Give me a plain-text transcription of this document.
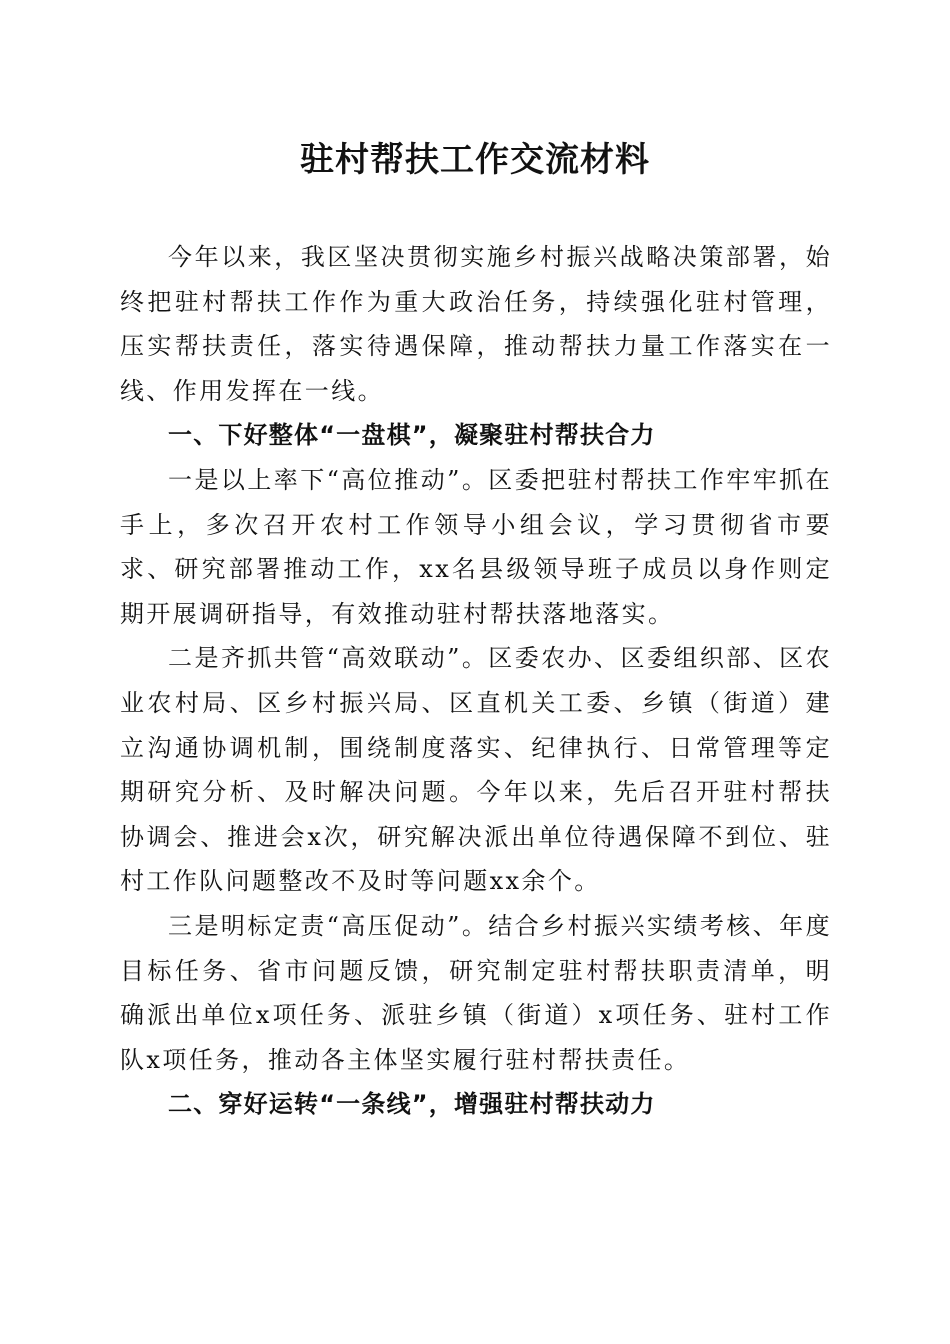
驻村帮扶工作交流材料

今年以来，我区坚决贯彻实施乡村振兴战略决策部署，始终把驻村帮扶工作作为重大政治任务，持续强化驻村管理，压实帮扶责任，落实待遇保障，推动帮扶力量工作落实在一线、作用发挥在一线。

一、下好整体“一盘棋”，凝聚驻村帮扶合力

一是以上率下“高位推动”。区委把驻村帮扶工作牢牢抓在手上，多次召开农村工作领导小组会议，学习贯彻省市要求、研究部署推动工作，xx名县级领导班子成员以身作则定期开展调研指导，有效推动驻村帮扶落地落实。

二是齐抓共管“高效联动”。区委农办、区委组织部、区农业农村局、区乡村振兴局、区直机关工委、乡镇（街道）建立沟通协调机制，围绕制度落实、纪律执行、日常管理等定期研究分析、及时解决问题。今年以来，先后召开驻村帮扶协调会、推进会x次，研究解决派出单位待遇保障不到位、驻村工作队问题整改不及时等问题xx余个。

三是明标定责“高压促动”。结合乡村振兴实绩考核、年度目标任务、省市问题反馈，研究制定驻村帮扶职责清单，明确派出单位x项任务、派驻乡镇（街道）x项任务、驻村工作队x项任务，推动各主体坚实履行驻村帮扶责任。

二、穿好运转“一条线”，增强驻村帮扶动力
